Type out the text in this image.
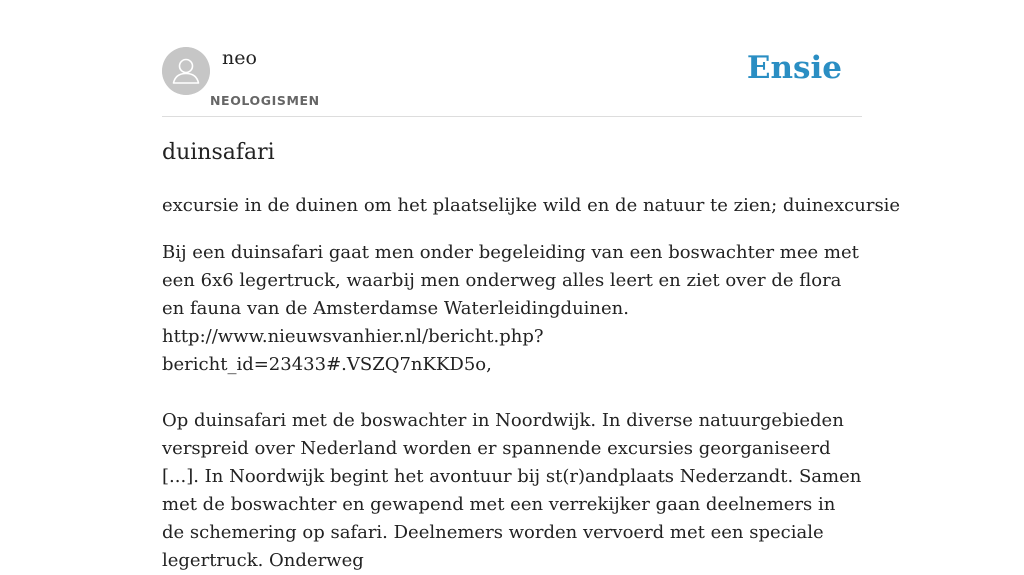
neo
NEOLOGISMEN
Ensie
duinsafari

excursie in de duinen om het plaatselijke wild en de natuur te zien; duinexcursie

Bij een duinsafari gaat men onder begeleiding van een boswachter mee met een 6x6 legertruck, waarbij men onderweg alles leert en ziet over de flora en fauna van de Amsterdamse Waterleidingduinen.

http://www.nieuwsvanhier.nl/bericht.php?bericht_id=23433#.VSZQ7nKKD5o,

Op duinsafari met de boswachter in Noordwijk. In diverse natuurgebieden verspreid over Nederland worden er spannende excursies georganiseerd [...]. In Noordwijk begint het avontuur bij st(r)andplaats Nederzandt. Samen met de boswachter en gewapend met een verrekijker gaan deelnemers in de schemering op safari. Deelnemers worden vervoerd met een speciale legertruck. Onderweg
